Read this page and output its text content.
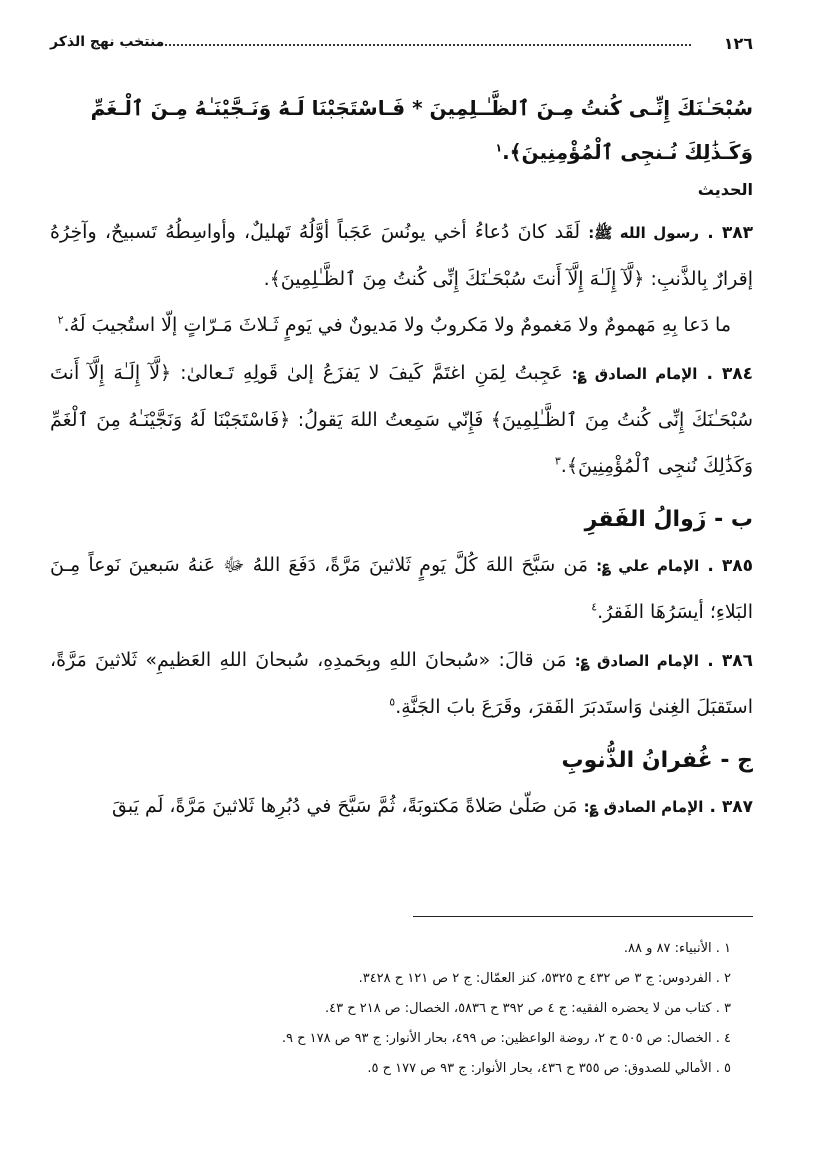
١٢٦
منتخب نهج الذكر

سُبْحَـٰنَكَ إِنِّـى كُنتُ مِـنَ ٱلظَّـٰـلِمِينَ * فَـاسْتَجَبْنَا لَـهُ وَنَـجَّيْنَـٰهُ مِـنَ ٱلْـغَمِّ وَكَـذَٰلِكَ نُـنجِى ٱلْمُؤْمِنِينَ﴾.$^١$

الحديث

٣٨٣ . رسول الله ﷺ: لَقَد كانَ دُعاءُ أخي يونُسَ عَجَباً أوَّلُهُ تَهليلٌ، وأواسِطُهُ تَسبيحٌ، وآخِرُهُ إقرارٌ بِالذَّنبِ: ﴿لَّآ إِلَـٰهَ إِلَّآ أَنتَ سُبْحَـٰنَكَ إِنِّى كُنتُ مِنَ ٱلظَّـٰلِمِينَ﴾.
ما دَعا بِهِ مَهمومٌ ولا مَغمومٌ ولا مَكروبٌ ولا مَديونٌ في يَومٍ ثَـلاثَ مَـرّاتٍ إلّا استُجيبَ لَهُ.$^٢$

٣٨٤ . الإمام الصادق ؏: عَجِبتُ لِمَنِ اغتَمَّ كَيفَ لا يَفزَعُ إلىٰ قَولِهِ تَـعالىٰ: ﴿لَّآ إِلَـٰهَ إِلَّآ أَنتَ سُبْحَـٰنَكَ إِنِّى كُنتُ مِنَ ٱلظَّـٰلِمِينَ﴾ فَإِنّي سَمِعتُ اللهَ يَقولُ: ﴿فَاسْتَجَبْنَا لَهُ وَنَجَّيْنَـٰهُ مِنَ ٱلْغَمِّ وَكَذَٰلِكَ نُنجِى ٱلْمُؤْمِنِينَ﴾.$^٣$

ب - زَوالُ الفَقرِ

٣٨٥ . الإمام علي ؏: مَن سَبَّحَ اللهَ كُلَّ يَومٍ ثَلاثينَ مَرَّةً، دَفَعَ اللهُ ﷻ عَنهُ سَبعينَ نَوعاً مِـنَ البَلاءِ؛ أيسَرُهَا الفَقرُ.$^٤$

٣٨٦ . الإمام الصادق ؏: مَن قالَ: «سُبحانَ اللهِ وبِحَمدِهِ، سُبحانَ اللهِ العَظيمِ» ثَلاثينَ مَرَّةً، استَقبَلَ الغِنىٰ وَاستَدبَرَ الفَقرَ، وقَرَعَ بابَ الجَنَّةِ.$^٥$

ج - غُفرانُ الذُّنوبِ

٣٨٧ . الإمام الصادق ؏: مَن صَلّىٰ صَلاةً مَكتوبَةً، ثُمَّ سَبَّحَ في دُبُرِها ثَلاثينَ مَرَّةً، لَم يَبقَ

١ . الأنبياء: ٨٧ و ٨٨.
٢ . الفردوس: ج ٣ ص ٤٣٢ ح ٥٣٢٥، كنز العمّال: ج ٢ ص ١٢١ ح ٣٤٢٨.
٣ . كتاب من لا يحضره الفقيه: ج ٤ ص ٣٩٢ ح ٥٨٣٦، الخصال: ص ٢١٨ ح ٤٣.
٤ . الخصال: ص ٥٠٥ ح ٢، روضة الواعظين: ص ٤٩٩، بحار الأنوار: ج ٩٣ ص ١٧٨ ح ٩.
٥ . الأمالي للصدوق: ص ٣٥٥ ح ٤٣٦، بحار الأنوار: ج ٩٣ ص ١٧٧ ح ٥.
